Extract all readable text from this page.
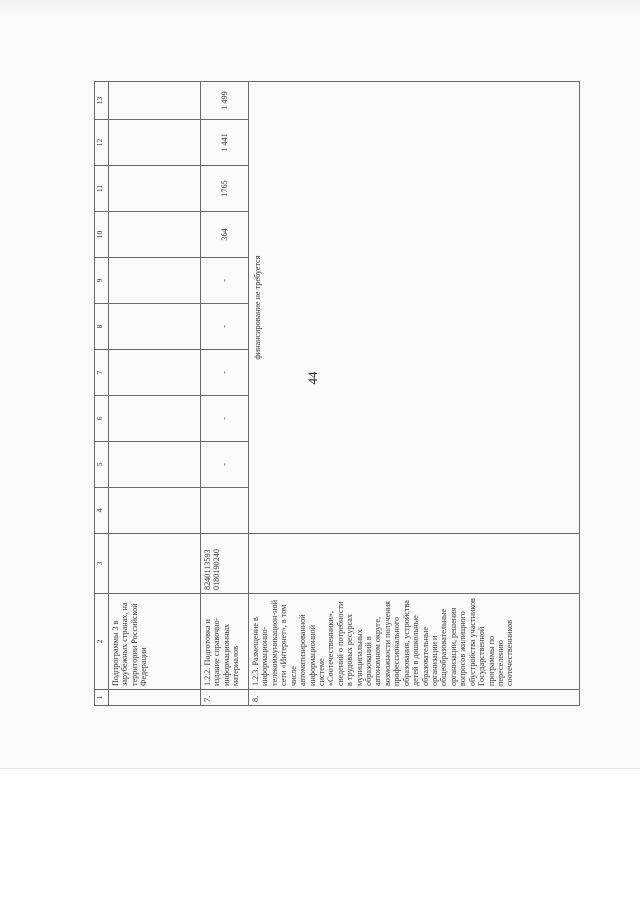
44
1	2	3	4	5	6	7	8	9	10	11	12	13
	Подпрограммы 3 в зарубежных странах, на территории Российской Федерации											
7.	1.2.2. Подготовка и издание справочно-информационных материалов	8240113593 0180190240		-	-	-	-	-	364	1765	1 441	1 499
8.	1.2.3. Размещение в информационно-телекоммуникацион-ной сети «Интернет», в том числе автоматизированной информационной системе «Соотечественники», сведений о потребности в трудовых ресурсах муниципальных образований в автономном округе, возможности получения профессионального образования, устройства детей в дошкольные образовательные организации и общеобразовательные организации, решения вопросов жилищного обустройства участников Государственной программы по переселению соотечественников		финансирование не требуется									
